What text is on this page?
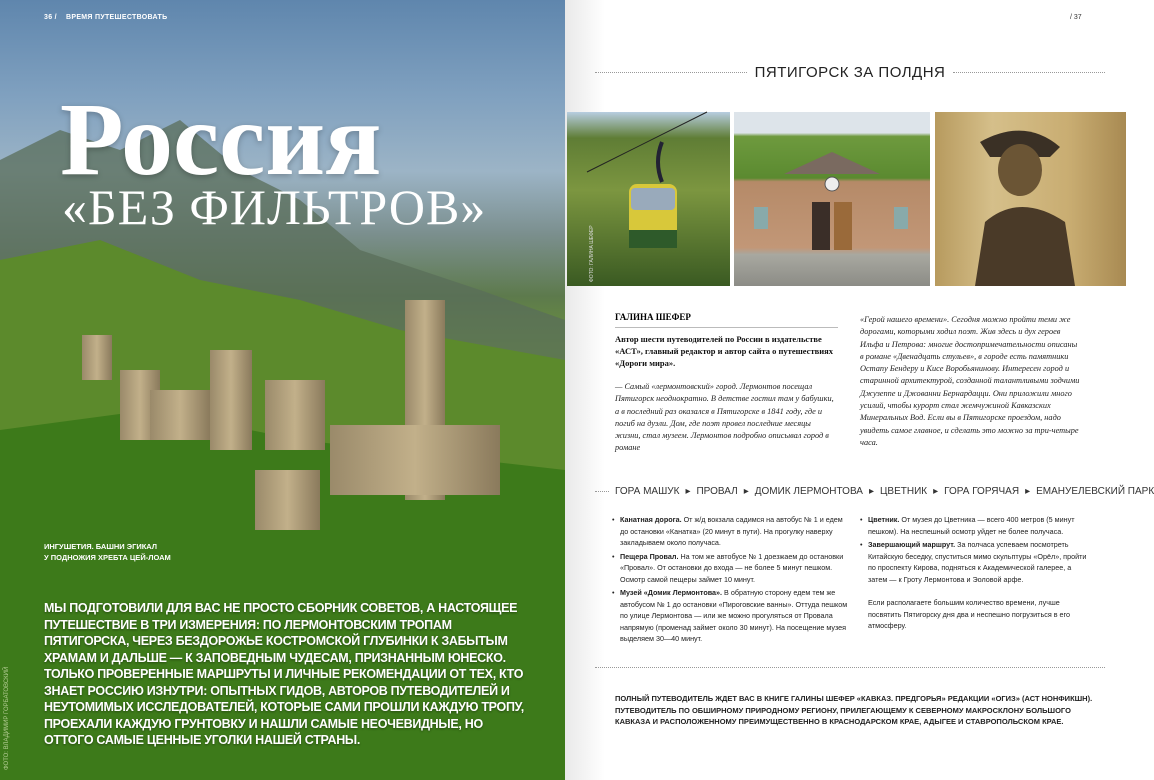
36 / ВРЕМЯ ПУТЕШЕСТВОВАТЬ
Россия
«БЕЗ ФИЛЬТРОВ»
ИНГУШЕТИЯ. БАШНИ ЭГИКАЛ
У ПОДНОЖИЯ ХРЕБТА ЦЕЙ-ЛОАМ
МЫ ПОДГОТОВИЛИ ДЛЯ ВАС НЕ ПРОСТО СБОРНИК СОВЕТОВ, А НАСТОЯЩЕЕ ПУТЕШЕСТВИЕ В ТРИ ИЗМЕРЕНИЯ: ПО ЛЕРМОНТОВСКИМ ТРОПАМ ПЯТИГОРСКА, ЧЕРЕЗ БЕЗДОРОЖЬЕ КОСТРОМСКОЙ ГЛУБИНКИ К ЗАБЫТЫМ ХРАМАМ И ДАЛЬШЕ — К ЗАПОВЕДНЫМ ЧУДЕСАМ, ПРИЗНАННЫМ ЮНЕСКО. ТОЛЬКО ПРОВЕРЕННЫЕ МАРШРУТЫ И ЛИЧНЫЕ РЕКОМЕНДАЦИИ ОТ ТЕХ, КТО ЗНАЕТ РОССИЮ ИЗНУТРИ: ОПЫТНЫХ ГИДОВ, АВТОРОВ ПУТЕВОДИТЕЛЕЙ И НЕУТОМИМЫХ ИССЛЕДОВАТЕЛЕЙ, КОТОРЫЕ САМИ ПРОШЛИ КАЖДУЮ ТРОПУ, ПРОЕХАЛИ КАЖДУЮ ГРУНТОВКУ И НАШЛИ САМЫЕ НЕОЧЕВИДНЫЕ, НО ОТТОГО САМЫЕ ЦЕННЫЕ УГОЛКИ НАШЕЙ СТРАНЫ.
ФОТО: ВЛАДИМИР ГОРБАТОВСКИЙ
/ 37
ПЯТИГОРСК ЗА ПОЛДНЯ
ФОТО: ГАЛИНА ШЕФЕР
ГАЛИНА ШЕФЕР
Автор шести путеводителей по России в издательстве «АСТ», главный редактор и автор сайта о путешествиях «Дороги мира».
— Самый «лермонтовский» город. Лермонтов посещал Пятигорск неоднократно. В детстве гостил там у бабушки, а в последний раз оказался в Пятигорске в 1841 году, где и погиб на дуэли. Дом, где поэт провел последние месяцы жизни, стал музеем. Лермонтов подробно описывал город в романе
«Герой нашего времени». Сегодня можно пройти теми же дорогами, которыми ходил поэт. Жив здесь и дух героев Ильфа и Петрова: многие достопримечательности описаны в романе «Двенадцать стульев», в городе есть памятники Остапу Бендеру и Кисе Воробьянинову. Интересен город и старинной архитектурой, созданной талантливыми зодчими Джузеппе и Джованни Бернардацци. Они приложили много усилий, чтобы курорт стал жемчужиной Кавказских Минеральных Вод. Если вы в Пятигорске проездом, надо увидеть самое главное, и сделать это можно за три-четыре часа.
ГОРА МАШУК ▸ ПРОВАЛ ▸ ДОМИК ЛЕРМОНТОВА ▸ ЦВЕТНИК ▸ ГОРА ГОРЯЧАЯ ▸ ЕМАНУЕЛЕВСКИЙ ПАРК
• Канатная дорога. От ж/д вокзала садимся на автобус № 1 и едем до остановки «Канатка» (20 минут в пути). На прогулку наверху закладываем около получаса.
• Пещера Провал. На том же автобусе № 1 доезжаем до остановки «Провал». От остановки до входа — не более 5 минут пешком. Осмотр самой пещеры займет 10 минут.
• Музей «Домик Лермонтова». В обратную сторону едем тем же автобусом № 1 до остановки «Пироговские ванны». Оттуда пешком по улице Лермонтова — или же можно прогуляться от Провала напрямую (променад займет около 30 минут). На посещение музея выделяем 30—40 минут.
• Цветник. От музея до Цветника — всего 400 метров (5 минут пешком). На неспешный осмотр уйдет не более получаса.
• Завершающий маршрут. За полчаса успеваем посмотреть Китайскую беседку, спуститься мимо скульптуры «Орёл», пройти по проспекту Кирова, подняться к Академической галерее, а затем — к Гроту Лермонтова и Эоловой арфе.
Если располагаете большим количество времени, лучше посвятить Пятигорску дня два и неспешно погрузиться в его атмосферу.
ПОЛНЫЙ ПУТЕВОДИТЕЛЬ ЖДЕТ ВАС В КНИГЕ ГАЛИНЫ ШЕФЕР «КАВКАЗ. ПРЕДГОРЬЯ» РЕДАКЦИИ «ОГИЗ» (АСТ НОНФИКШН). ПУТЕВОДИТЕЛЬ ПО ОБШИРНОМУ ПРИРОДНОМУ РЕГИОНУ, ПРИЛЕГАЮЩЕМУ К СЕВЕРНОМУ МАКРОСКЛОНУ БОЛЬШОГО КАВКАЗА И РАСПОЛОЖЕННОМУ ПРЕИМУЩЕСТВЕННО В КРАСНОДАРСКОМ КРАЕ, АДЫГЕЕ И СТАВРОПОЛЬСКОМ КРАЕ.
